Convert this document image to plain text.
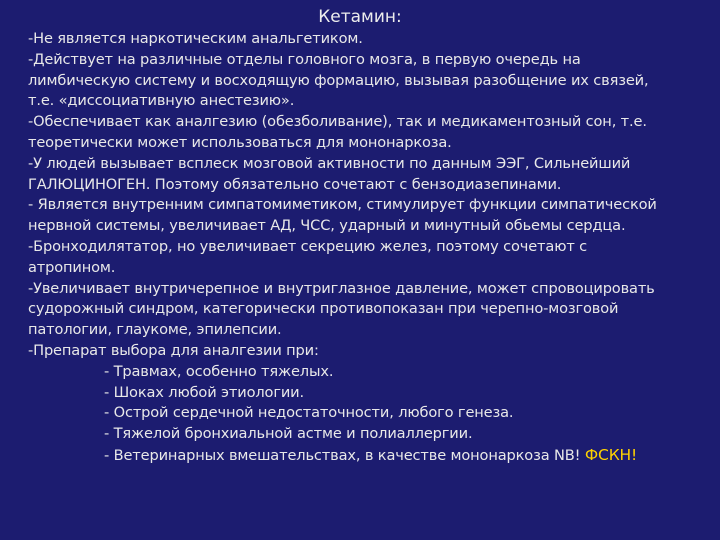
Кетамин:
-Не является наркотическим анальгетиком.
-Действует на различные отделы головного мозга, в первую очередь на
лимбическую систему и восходящую формацию, вызывая разобщение их связей,
т.е. «диссоциативную анестезию».
-Обеспечивает как аналгезию (обезболивание), так и медикаментозный сон, т.е.
теоретически может использоваться для мононаркоза.
-У людей вызывает всплеск мозговой активности по данным ЭЭГ, Сильнейший
ГАЛЮЦИНОГЕН. Поэтому обязательно сочетают с бензодиазепинами.
- Является внутренним симпатомиметиком, стимулирует функции симпатической
нервной системы, увеличивает АД, ЧСС, ударный и минутный обьемы сердца.
-Бронходилятатор, но увеличивает секрецию желез, поэтому сочетают с
атропином.
-Увеличивает внутричерепное и внутриглазное давление, может спровоцировать
судорожный синдром, категорически противопоказан при черепно-мозговой
патологии, глаукоме, эпилепсии.
-Препарат выбора для аналгезии при:
- Травмах, особенно тяжелых.
- Шоках любой этиологии.
- Острой сердечной недостаточности, любого генеза.
- Тяжелой бронхиальной астме и полиаллергии.
- Ветеринарных вмешательствах, в качестве мононаркоза NB! ФСКН!
